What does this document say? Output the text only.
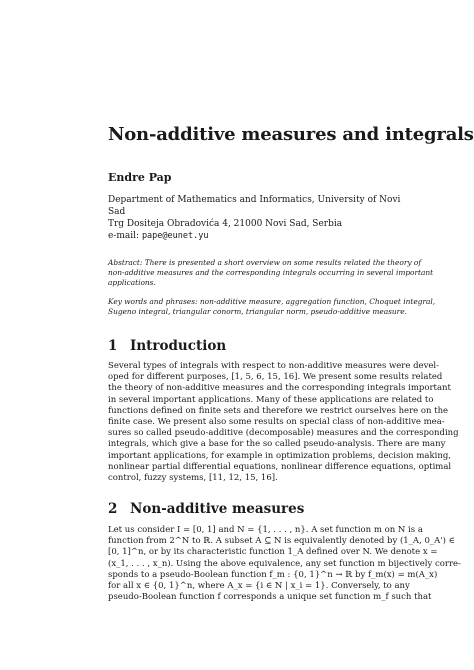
Non-additive measures and integrals
Endre Pap
Department of Mathematics and Informatics, University of Novi Sad
Trg Dositeja Obradovića 4, 21000 Novi Sad, Serbia
e-mail: pape@eunet.yu
Abstract: There is presented a short overview on some results related the theory of
non-additive measures and the corresponding integrals occurring in several important
applications.
Key words and phrases: non-additive measure, aggregation function, Choquet integral,
Sugeno integral, triangular conorm, triangular norm, pseudo-additive measure.
1 Introduction
Several types of integrals with respect to non-additive measures were devel-
oped for different purposes, [1, 5, 6, 15, 16]. We present some results related
the theory of non-additive measures and the corresponding integrals important
in several important applications. Many of these applications are related to
functions defined on finite sets and therefore we restrict ourselves here on the
finite case. We present also some results on special class of non-additive mea-
sures so called pseudo-additive (decomposable) measures and the corresponding
integrals, which give a base for the so called pseudo-analysis. There are many
important applications, for example in optimization problems, decision making,
nonlinear partial differential equations, nonlinear difference equations, optimal
control, fuzzy systems, [11, 12, 15, 16].
2 Non-additive measures
Let us consider I = [0, 1] and N = {1, . . . , n}. A set function m on N is a
function from 2^N to ℝ. A subset A ⊆ N is equivalently denoted by (1_A, 0_A') ∈
[0, 1]^n, or by its characteristic function 1_A defined over N. We denote x =
(x_1, . . . , x_n). Using the above equivalence, any set function m bijectively corre-
sponds to a pseudo-Boolean function f_m : {0, 1}^n → ℝ by f_m(x) = m(A_x)
for all x ∈ {0, 1}^n, where A_x = {i ∈ N | x_i = 1}. Conversely, to any
pseudo-Boolean function f corresponds a unique set function m_f such that
